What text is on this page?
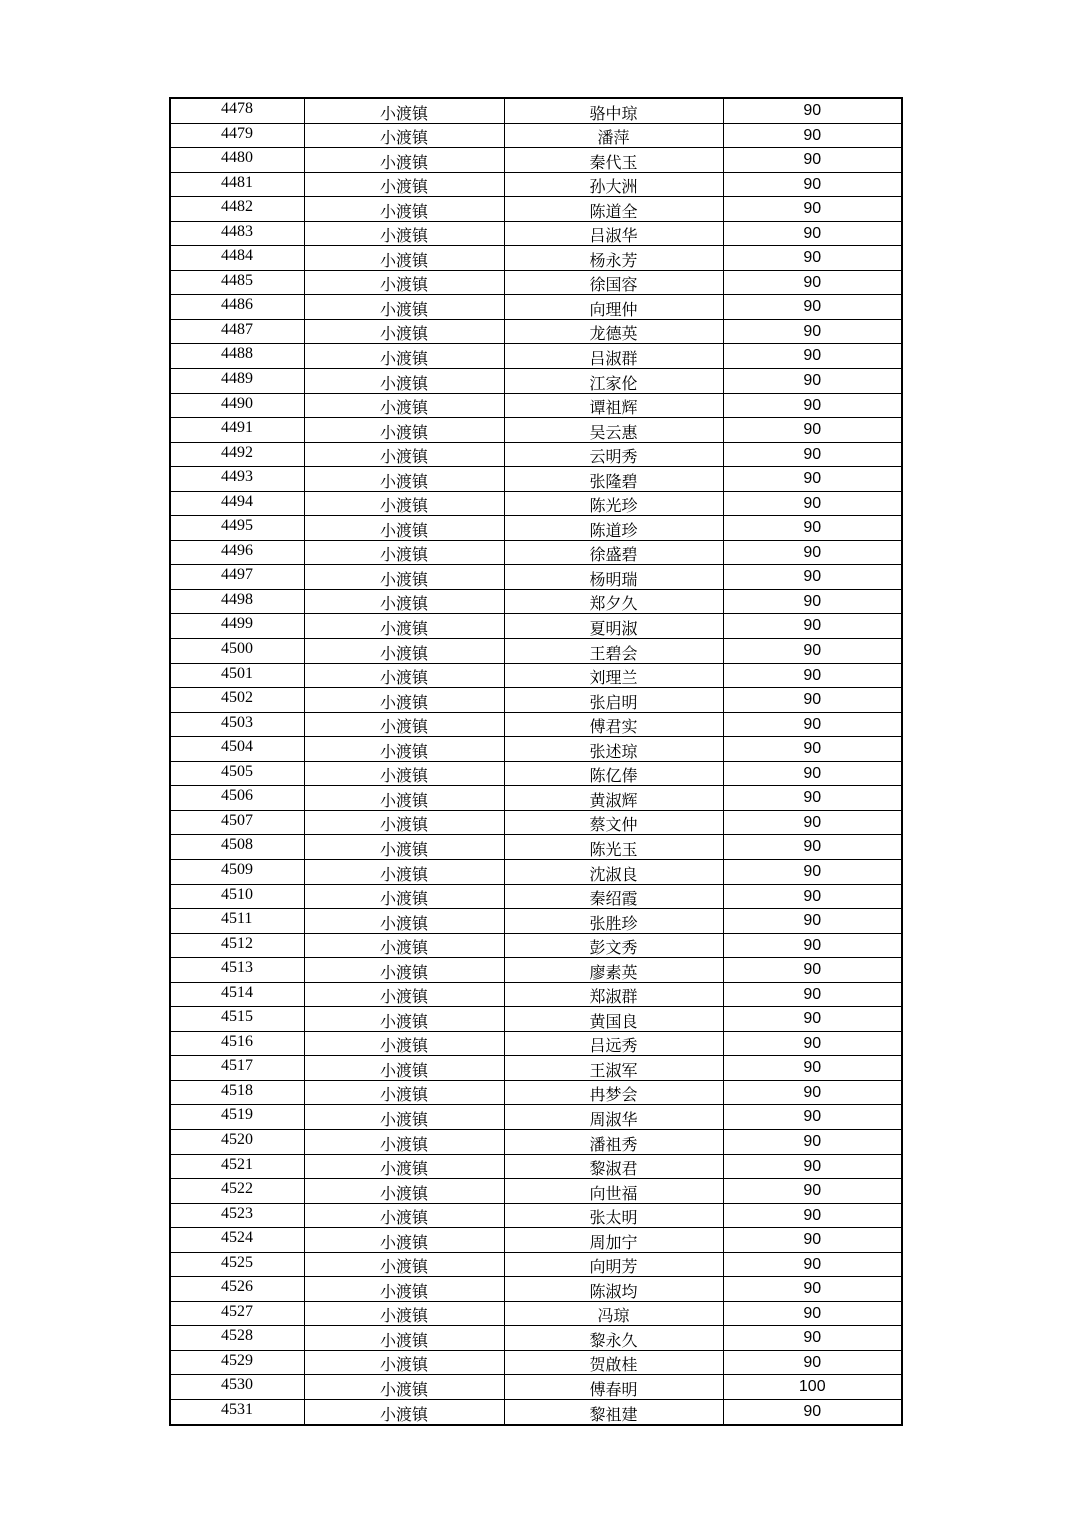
4478	小渡镇	骆中琼	90
4479	小渡镇	潘萍	90
4480	小渡镇	秦代玉	90
4481	小渡镇	孙大洲	90
4482	小渡镇	陈道全	90
4483	小渡镇	吕淑华	90
4484	小渡镇	杨永芳	90
4485	小渡镇	徐国容	90
4486	小渡镇	向理仲	90
4487	小渡镇	龙德英	90
4488	小渡镇	吕淑群	90
4489	小渡镇	江家伦	90
4490	小渡镇	谭祖辉	90
4491	小渡镇	吴云惠	90
4492	小渡镇	云明秀	90
4493	小渡镇	张隆碧	90
4494	小渡镇	陈光珍	90
4495	小渡镇	陈道珍	90
4496	小渡镇	徐盛碧	90
4497	小渡镇	杨明瑞	90
4498	小渡镇	郑夕久	90
4499	小渡镇	夏明淑	90
4500	小渡镇	王碧会	90
4501	小渡镇	刘理兰	90
4502	小渡镇	张启明	90
4503	小渡镇	傅君实	90
4504	小渡镇	张述琼	90
4505	小渡镇	陈亿俸	90
4506	小渡镇	黄淑辉	90
4507	小渡镇	蔡文仲	90
4508	小渡镇	陈光玉	90
4509	小渡镇	沈淑良	90
4510	小渡镇	秦绍霞	90
4511	小渡镇	张胜珍	90
4512	小渡镇	彭文秀	90
4513	小渡镇	廖素英	90
4514	小渡镇	郑淑群	90
4515	小渡镇	黄国良	90
4516	小渡镇	吕远秀	90
4517	小渡镇	王淑军	90
4518	小渡镇	冉梦会	90
4519	小渡镇	周淑华	90
4520	小渡镇	潘祖秀	90
4521	小渡镇	黎淑君	90
4522	小渡镇	向世福	90
4523	小渡镇	张太明	90
4524	小渡镇	周加宁	90
4525	小渡镇	向明芳	90
4526	小渡镇	陈淑均	90
4527	小渡镇	冯琼	90
4528	小渡镇	黎永久	90
4529	小渡镇	贺啟桂	90
4530	小渡镇	傅春明	100
4531	小渡镇	黎祖建	90
